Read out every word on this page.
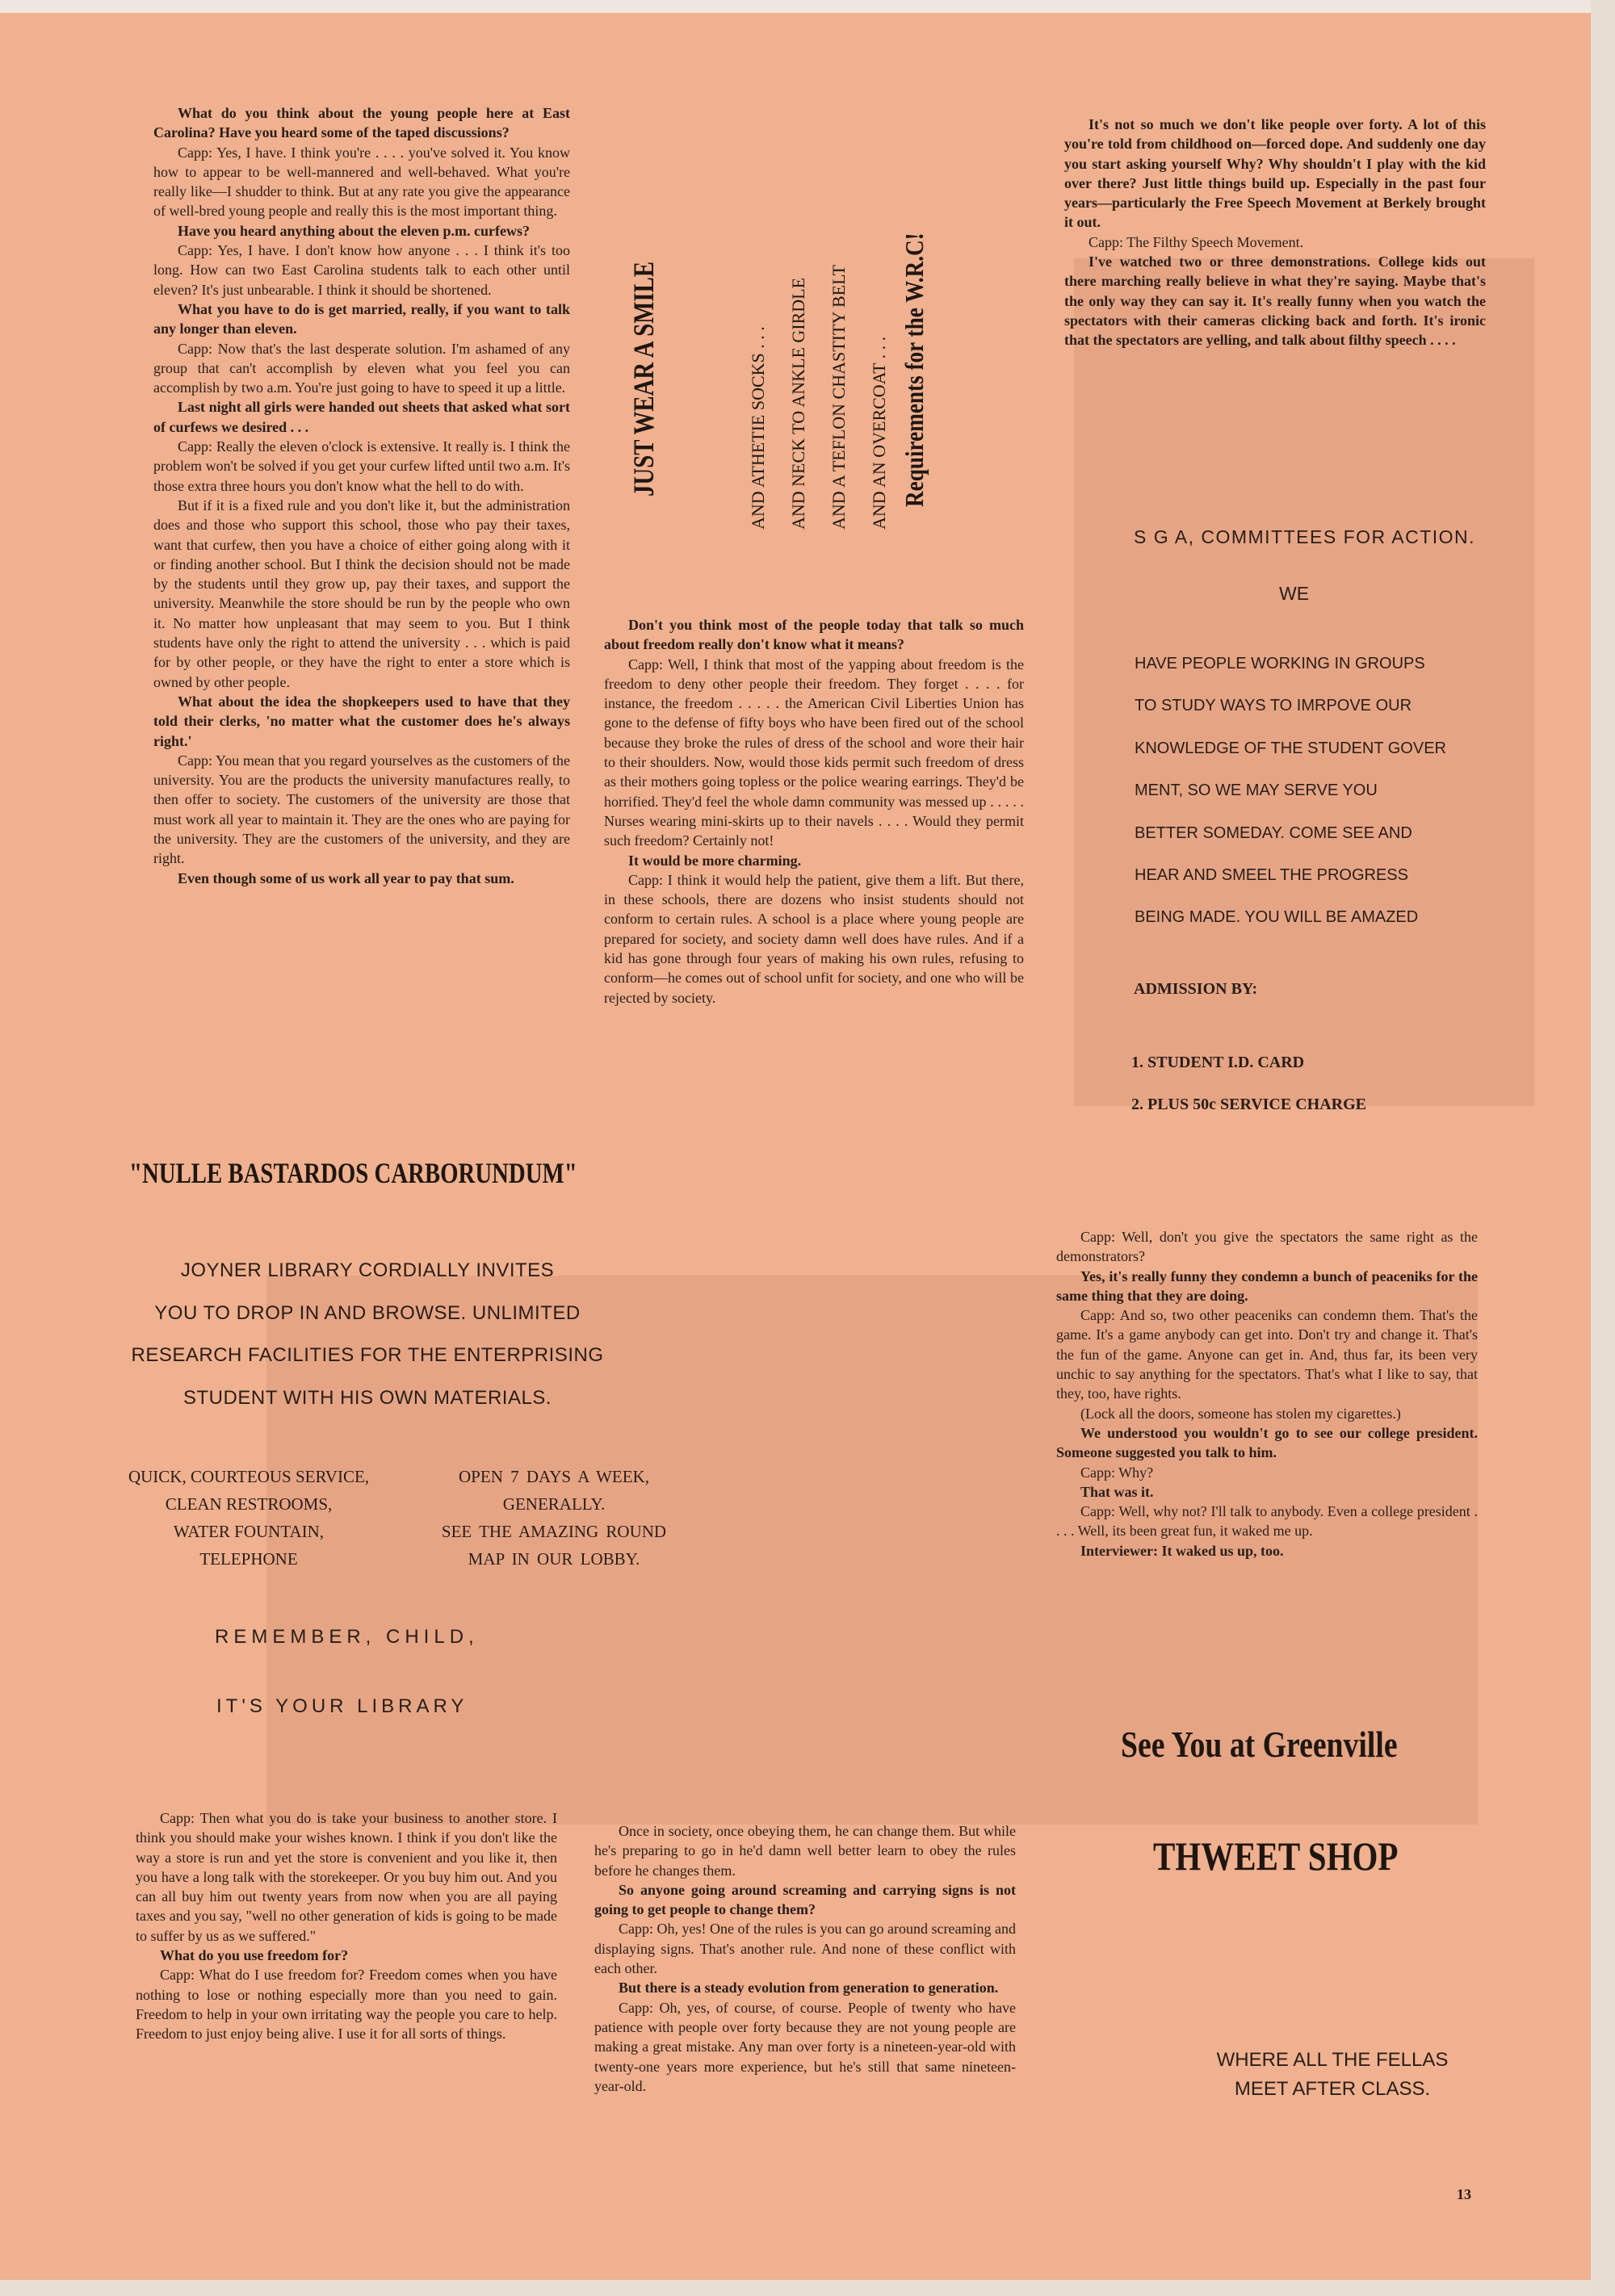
What do you think about the young people here at East Carolina? Have you heard some of the taped discussions?

Capp: Yes, I have. I think you're . . . . you've solved it. You know how to appear to be well-mannered and well-behaved. What you're really like—I shudder to think. But at any rate you give the appearance of well-bred young people and really this is the most important thing.

Have you heard anything about the eleven p.m. curfews?

Capp: Yes, I have. I don't know how anyone . . . I think it's too long. How can two East Carolina students talk to each other until eleven? It's just unbearable. I think it should be shortened.

What you have to do is get married, really, if you want to talk any longer than eleven.

Capp: Now that's the last desperate solution. I'm ashamed of any group that can't accomplish by eleven what you feel you can accomplish by two a.m. You're just going to have to speed it up a little.

Last night all girls were handed out sheets that asked what sort of curfews we desired . . .

Capp: Really the eleven o'clock is extensive. It really is. I think the problem won't be solved if you get your curfew lifted until two a.m. It's those extra three hours you don't know what the hell to do with.

But if it is a fixed rule and you don't like it, but the administration does and those who support this school, those who pay their taxes, want that curfew, then you have a choice of either going along with it or finding another school. But I think the decision should not be made by the students until they grow up, pay their taxes, and support the university. Meanwhile the store should be run by the people who own it. No matter how unpleasant that may seem to you. But I think students have only the right to attend the university . . . which is paid for by other people, or they have the right to enter a store which is owned by other people.

What about the idea the shopkeepers used to have that they told their clerks, 'no matter what the customer does he's always right.'

Capp: You mean that you regard yourselves as the customers of the university. You are the products the university manufactures really, to then offer to society. The customers of the university are those that must work all year to maintain it. They are the ones who are paying for the university. They are the customers of the university, and they are right.

Even though some of us work all year to pay that sum.

JUST WEAR A SMILE	AND ATHETIE SOCKS . . . AND NECK TO ANKLE GIRDLE AND A TEFLON CHASTITY BELT AND AN OVERCOAT . . . Requirements for the W.R.C!

Don't you think most of the people today that talk so much about freedom really don't know what it means?

Capp: Well, I think that most of the yapping about freedom is the freedom to deny other people their freedom. They forget . . . . for instance, the freedom . . . . . the American Civil Liberties Union has gone to the defense of fifty boys who have been fired out of the school because they broke the rules of dress of the school and wore their hair to their shoulders. Now, would those kids permit such freedom of dress as their mothers going topless or the police wearing earrings. They'd be horrified. They'd feel the whole damn community was messed up . . . . . Nurses wearing mini-skirts up to their navels . . . . Would they permit such freedom? Certainly not!

It would be more charming.

Capp: I think it would help the patient, give them a lift. But there, in these schools, there are dozens who insist students should not conform to certain rules. A school is a place where young people are prepared for society, and society damn well does have rules. And if a kid has gone through four years of making his own rules, refusing to conform—he comes out of school unfit for society, and one who will be rejected by society.

It's not so much we don't like people over forty. A lot of this you're told from childhood on—forced dope. And suddenly one day you start asking yourself Why? Why shouldn't I play with the kid over there? Just little things build up. Especially in the past four years—particularly the Free Speech Movement at Berkely brought it out.

Capp: The Filthy Speech Movement.

I've watched two or three demonstrations. College kids out there marching really believe in what they're saying. Maybe that's the only way they can say it. It's really funny when you watch the spectators with their cameras clicking back and forth. It's ironic that the spectators are yelling, and talk about filthy speech . . . .

S G A, COMMITTEES FOR ACTION.
WE
HAVE PEOPLE WORKING IN GROUPS
TO STUDY WAYS TO IMRPOVE OUR
KNOWLEDGE OF THE STUDENT GOVER
MENT, SO WE MAY SERVE YOU
BETTER SOMEDAY. COME SEE AND
HEAR AND SMEEL THE PROGRESS
BEING MADE. YOU WILL BE AMAZED
ADMISSION BY:
1. STUDENT I.D. CARD
2. PLUS 50c SERVICE CHARGE
"NULLE BASTARDOS CARBORUNDUM"
JOYNER LIBRARY CORDIALLY INVITES
YOU TO DROP IN AND BROWSE. UNLIMITED
RESEARCH FACILITIES FOR THE ENTERPRISING
STUDENT WITH HIS OWN MATERIALS.
QUICK, COURTEOUS SERVICE,
CLEAN RESTROOMS,
WATER FOUNTAIN,
TELEPHONE
OPEN 7 DAYS A WEEK,
GENERALLY.
SEE THE AMAZING ROUND
MAP IN OUR LOBBY.
REMEMBER, CHILD,
IT'S YOUR LIBRARY

Capp: Well, don't you give the spectators the same right as the demonstrators?

Yes, it's really funny they condemn a bunch of peaceniks for the same thing that they are doing.

Capp: And so, two other peaceniks can condemn them. That's the game. It's a game anybody can get into. Don't try and change it. That's the fun of the game. Anyone can get in. And, thus far, its been very unchic to say anything for the spectators. That's what I like to say, that they, too, have rights.

(Lock all the doors, someone has stolen my cigarettes.)

We understood you wouldn't go to see our college president. Someone suggested you talk to him.

Capp: Why?

That was it.

Capp: Well, why not? I'll talk to anybody. Even a college president . . . . Well, its been great fun, it waked me up.

Interviewer: It waked us up, too.

Capp: Then what you do is take your business to another store. I think you should make your wishes known. I think if you don't like the way a store is run and yet the store is convenient and you like it, then you have a long talk with the storekeeper. Or you buy him out. And you can all buy him out twenty years from now when you are all paying taxes and you say, "well no other generation of kids is going to be made to suffer by us as we suffered."

What do you use freedom for?

Capp: What do I use freedom for? Freedom comes when you have nothing to lose or nothing especially more than you need to gain. Freedom to help in your own irritating way the people you care to help. Freedom to just enjoy being alive. I use it for all sorts of things.

Once in society, once obeying them, he can change them. But while he's preparing to go in he'd damn well better learn to obey the rules before he changes them.

So anyone going around screaming and carrying signs is not going to get people to change them?

Capp: Oh, yes! One of the rules is you can go around screaming and displaying signs. That's another rule. And none of these conflict with each other.

But there is a steady evolution from generation to generation.

Capp: Oh, yes, of course, of course. People of twenty who have patience with people over forty because they are not young people are making a great mistake. Any man over forty is a nineteen-year-old with twenty-one years more experience, but he's still that same nineteen-year-old.

See You at Greenville
THWEET SHOP
WHERE ALL THE FELLAS
MEET AFTER CLASS.
13
